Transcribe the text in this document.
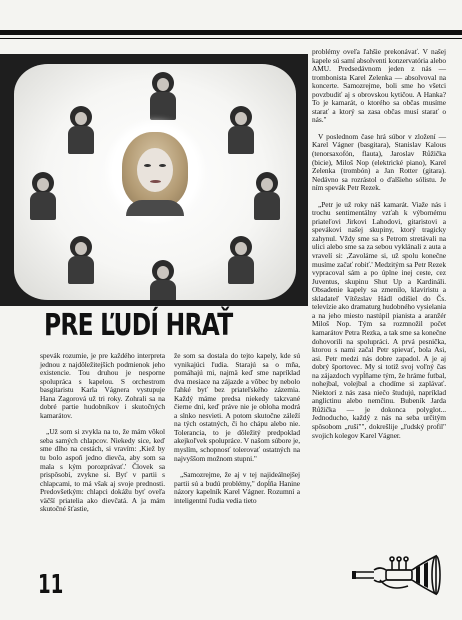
PRE ĽUDÍ HRAŤ

spevák rozumie, je pre každého interpreta jednou z najdôležitejších podmienok jeho existencie. Tou druhou je nesporne spolupráca s kapelou. S orchestrom basgitaristu Karla Vágnera vystupuje Hana Zagorová už tri roky. Zohrali sa na dobré partie hudobníkov i skutočných kamarátov.

„Už som si zvykla na to, že mám vôkol seba samých chlapcov. Niekedy sice, keď sme dlho na cestách, si vravím: ,Kiež by tu bolo aspoň jedno dievča, aby som sa mala s kým porozprávať.' Človek sa prispôsobí, zvykne si. Byť v partii s chlapcami, to má však aj svoje prednosti. Predovšetkým: chlapci dokážu byť oveľa väčší priatelia ako dievčatá. A ja mám skutočné šťastie,

že som sa dostala do tejto kapely, kde sú vynikajúci ľudia. Starajú sa o mňa, pomáhajú mi, najmä keď sme napríklad dva mesiace na zájazde a vôbec by nebolo ľahké byť bez priateľského zázemia. Každý máme predsa niekedy takzvané čierne dni, keď práve nie je obloha modrá a slnko nesvieti. A potom skutočne záleží na tých ostatných, či ho chápu alebo nie. Tolerancia, to je dôležitý predpoklad akejkoľvek spolupráce. V našom súbore je, myslím, schopnosť tolerovať ostatných na najvyššom možnom stupni."

„Samozrejme, že aj v tej najideálnejšej partii sú a budú problémy," dopĺňa Hanine názory kapelník Karel Vágner. Rozumní a inteligentní ľudia vedia tieto

problémy oveľa ľahšie prekonávať. V našej kapele sú samí absolventi konzervatória alebo AMU. Predsedávnom jeden z nás — trombonista Karel Zelenka — absolvoval na koncerte. Samozrejme, boli sme ho všetci povzbudiť aj s obrovskou kytičou. A Hanka? To je kamarát, o ktorého sa občas musíme starať a ktorý sa zasa občas musí starať o nás."

V poslednom čase hrá súbor v zložení — Karel Vágner (basgitara), Stanislav Kalous (tenorsaxofón, flauta), Jaroslav Růžička (bicie), Miloš Nop (elektrické piano), Karel Zelenka (trombón) a Jan Rotter (gitara). Nedávno sa rozrástol o ďalšieho sólistu. Je ním spevák Petr Rezek.

„Petr je už roky náš kamarát. Viaže nás i trochu sentimentálny vzťah k výbornému priateľovi Jirkovi Lahodovi, gitaristovi a spevákovi našej skupiny, ktorý tragicky zahynul. Vždy sme sa s Petrom stretávali na ulici alebo sme sa za sebou vyklánali z auta a vravelí si: ,Zavoláme si, už spolu konečne musíme začať robiť.' Medzitým sa Petr Rezek vypracoval sám a po úplne inej ceste, cez Juventus, skupinu Shut Up a Kardináli. Obsadenie kapely sa zmenilo, klaviristu a skladateľ Vítězslav Hádl odišiel do Čs. televízie ako dramaturg hudobného vysielania a na jeho miesto nastúpil pianista a aranžér Miloš Nop. Tým sa rozmnožil počet kamarátov Petra Rezka, a tak sme sa konečne dohovorili na spolupráci. A prvá pesnička, ktorou s nami začal Petr spievať, bola Asi, asi. Petr medzi nás dobre zapadol. A je aj dobrý športovec. My si totiž svoj voľný čas na zájazdoch vypĺňame tým, že hráme futbal, nohejbal, volejbal a chodíme si zaplávať. Niektorí z nás zasa niečo študujú, napríklad anglictinu alebo nemčinu. Bubeník Jarda Růžička — je dokonca polyglot... Jednoducho, každý z nás na seba určitým spôsobom „ruší"", dokrešlije „ľudský profil" svojich kolegov Karel Vágner.

11
